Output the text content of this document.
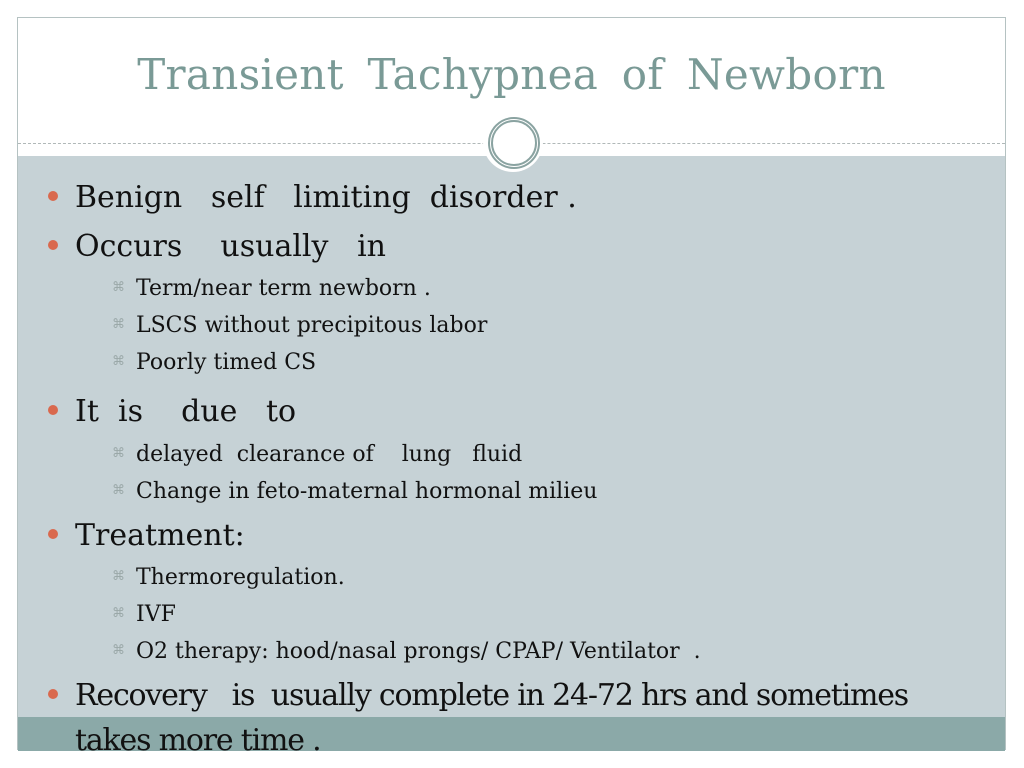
Transient Tachypnea of Newborn
Benign   self   limiting  disorder .
Occurs    usually   in
⌘ Term/near term newborn .
⌘ LSCS without precipitous labor
⌘ Poorly timed CS
It  is    due   to
⌘ delayed  clearance of    lung   fluid
⌘ Change in feto-maternal hormonal milieu
Treatment:
⌘ Thermoregulation.
⌘ IVF
⌘ O2 therapy: hood/nasal prongs/ CPAP/ Ventilator  .
Recovery   is  usually complete in 24-72 hrs and sometimes
takes more time .
